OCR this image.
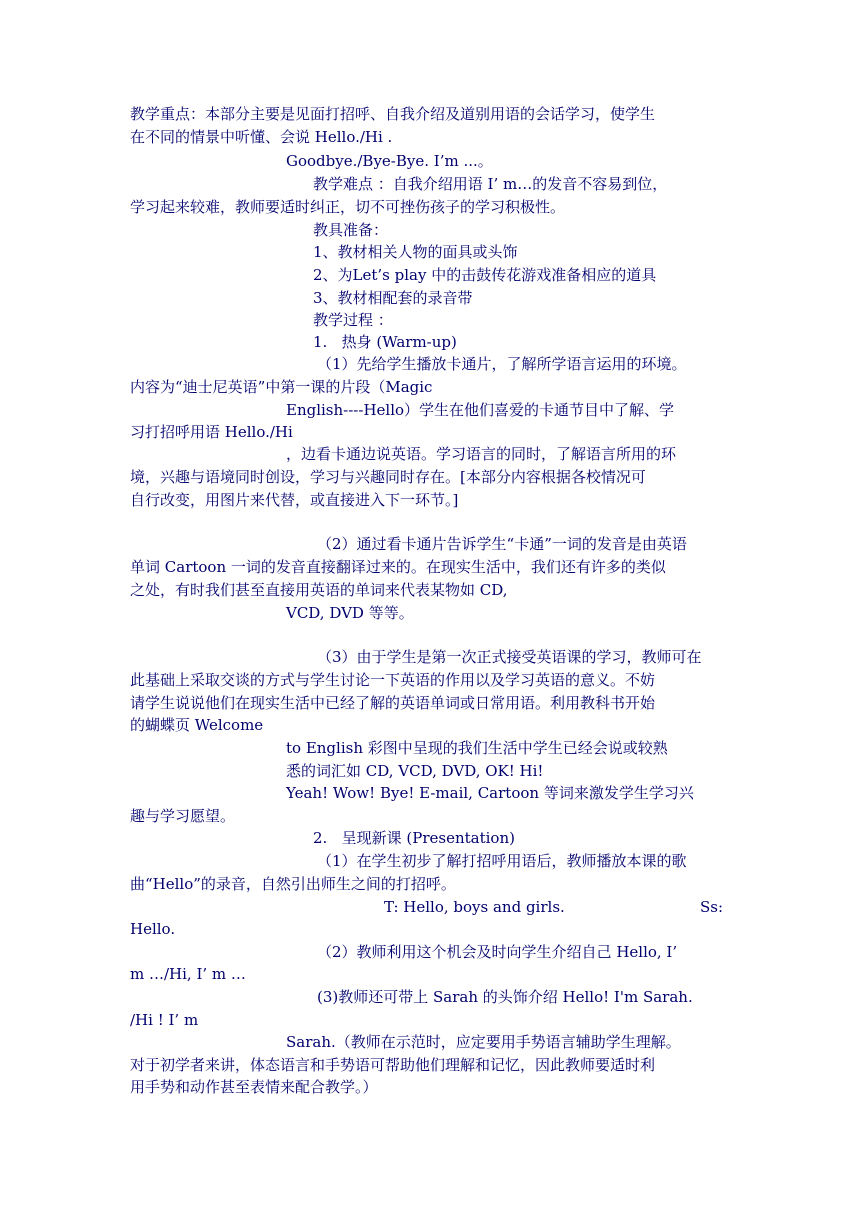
教学重点：本部分主要是见面打招呼、自我介绍及道别用语的会话学习，使学生
在不同的情景中听懂、会说 Hello./Hi .
Goodbye./Bye-Bye. I’m ...。
教学难点 ：自我介绍用语 I’ m…的发音不容易到位，
学习起来较难，教师要适时纠正，切不可挫伤孩子的学习积极性。
教具准备：
1、教材相关人物的面具或头饰
2、为Let’s play 中的击鼓传花游戏准备相应的道具
3、教材相配套的录音带
教学过程 ：
1.   热身 (Warm-up)
（1）先给学生播放卡通片，了解所学语言运用的环境。
内容为“迪士尼英语”中第一课的片段（Magic
English----Hello）学生在他们喜爱的卡通节目中了解、学
习打招呼用语 Hello./Hi
，边看卡通边说英语。学习语言的同时，了解语言所用的环
境，兴趣与语境同时创设，学习与兴趣同时存在。[本部分内容根据各校情况可
自行改变，用图片来代替，或直接进入下一环节。]
（2）通过看卡通片告诉学生“卡通”一词的发音是由英语
单词 Cartoon 一词的发音直接翻译过来的。在现实生活中，我们还有许多的类似
之处，有时我们甚至直接用英语的单词来代表某物如 CD,
VCD, DVD 等等。
（3）由于学生是第一次正式接受英语课的学习，教师可在
此基础上采取交谈的方式与学生讨论一下英语的作用以及学习英语的意义。不妨
请学生说说他们在现实生活中已经了解的英语单词或日常用语。利用教科书开始
的蝴蝶页 Welcome
to English 彩图中呈现的我们生活中学生已经会说或较熟
悉的词汇如 CD, VCD, DVD, OK! Hi!
Yeah! Wow! Bye! E-mail, Cartoon 等词来激发学生学习兴
趣与学习愿望。
2.   呈现新课 (Presentation)
（1）在学生初步了解打招呼用语后，教师播放本课的歌
曲“Hello”的录音，自然引出师生之间的打招呼。
T: Hello, boys and girls.	Ss:
Hello.
（2）教师利用这个机会及时向学生介绍自己 Hello, I’
m …/Hi, I’ m …
(3)教师还可带上 Sarah 的头饰介绍 Hello! I'm Sarah.
/Hi ! I’ m
Sarah.（教师在示范时，应定要用手势语言辅助学生理解。
对于初学者来讲，体态语言和手势语可帮助他们理解和记忆，因此教师要适时利
用手势和动作甚至表情来配合教学。）
